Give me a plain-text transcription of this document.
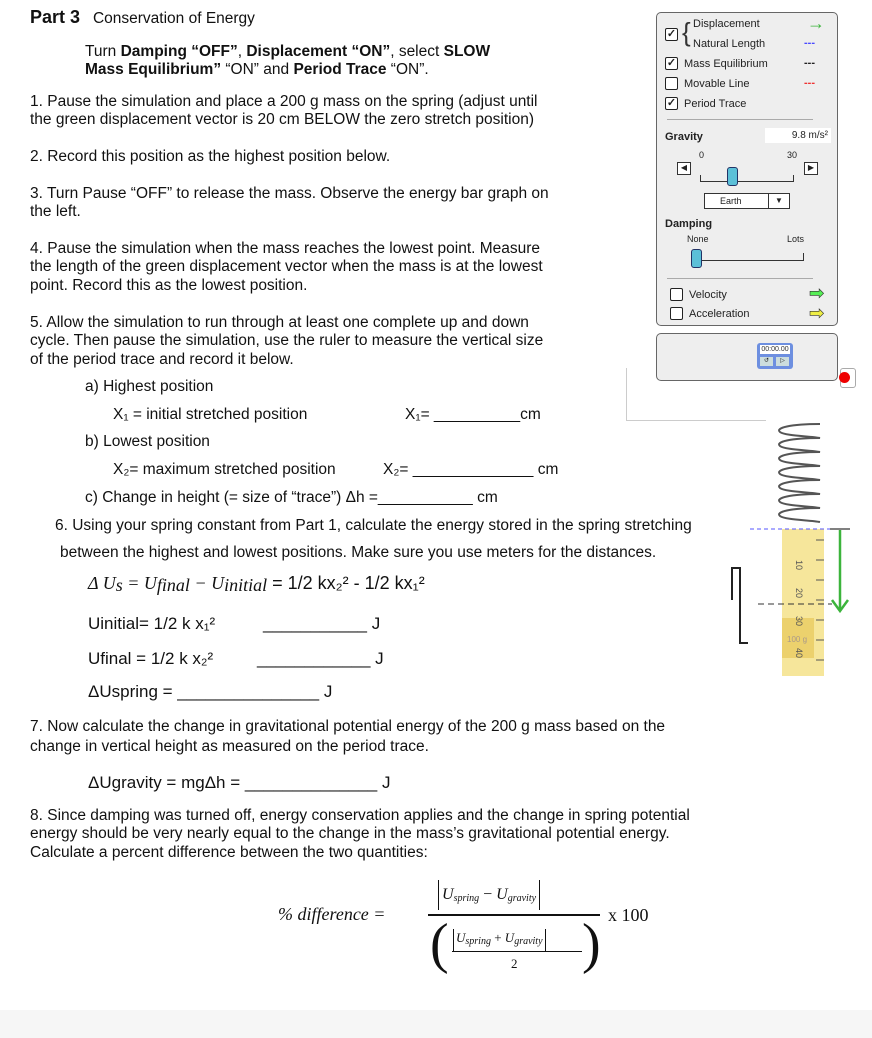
Part 3 Conservation of Energy
Turn Damping “OFF”, Displacement “ON”, select SLOW
Mass Equilibrium” “ON” and Period Trace “ON”.
1. Pause the simulation and place a 200 g mass on the spring (adjust until
the green displacement vector is 20 cm BELOW the zero stretch position)
2. Record this position as the highest position below.
3. Turn Pause “OFF” to release the mass. Observe the energy bar graph on
the left.
4. Pause the simulation when the mass reaches the lowest point. Measure
the length of the green displacement vector when the mass is at the lowest
point. Record this as the lowest position.
5. Allow the simulation to run through at least one complete up and down
cycle. Then pause the simulation, use the ruler to measure the vertical size
of the period trace and record it below.
a) Highest position
X₁ = initial stretched position	X₁= __________cm
b) Lowest position
X₂= maximum stretched position	X₂= ______________ cm
c) Change in height (= size of “trace”) Δh =___________ cm
6. Using your spring constant from Part 1, calculate the energy stored in the spring stretching
between the highest and lowest positions. Make sure you use meters for the distances.
Δ Us = Ufinal − Uinitial = 1/2 kx₂² - 1/2 kx₁²
Uinitial= 1/2 k x₁²	___________ J
Ufinal = 1/2 k x₂²	____________ J
ΔUspring = _______________ J
7. Now calculate the change in gravitational potential energy of the 200 g mass based on the
change in vertical height as measured on the period trace.
ΔUgravity = mgΔh = ______________ J
8. Since damping was turned off, energy conservation applies and the change in spring potential
energy should be very nearly equal to the change in the mass’s gravitational potential energy.
Calculate a percent difference between the two quantities:
% difference =
$U_{spring} - U_{gravity}$
( )
$U_{spring} + U_{gravity}$
2
x 100
✓ { Displacement
Natural Length
→
---
✓ Mass Equilibrium	---
Movable Line	---
✓ Period Trace
Gravity	9.8 m/s²
0	30
◀	▶
Earth	▼
Damping
None	Lots
Velocity	➡
Acceleration	➡
00:00.00
↺	▷
10
20
30
40
100 g
